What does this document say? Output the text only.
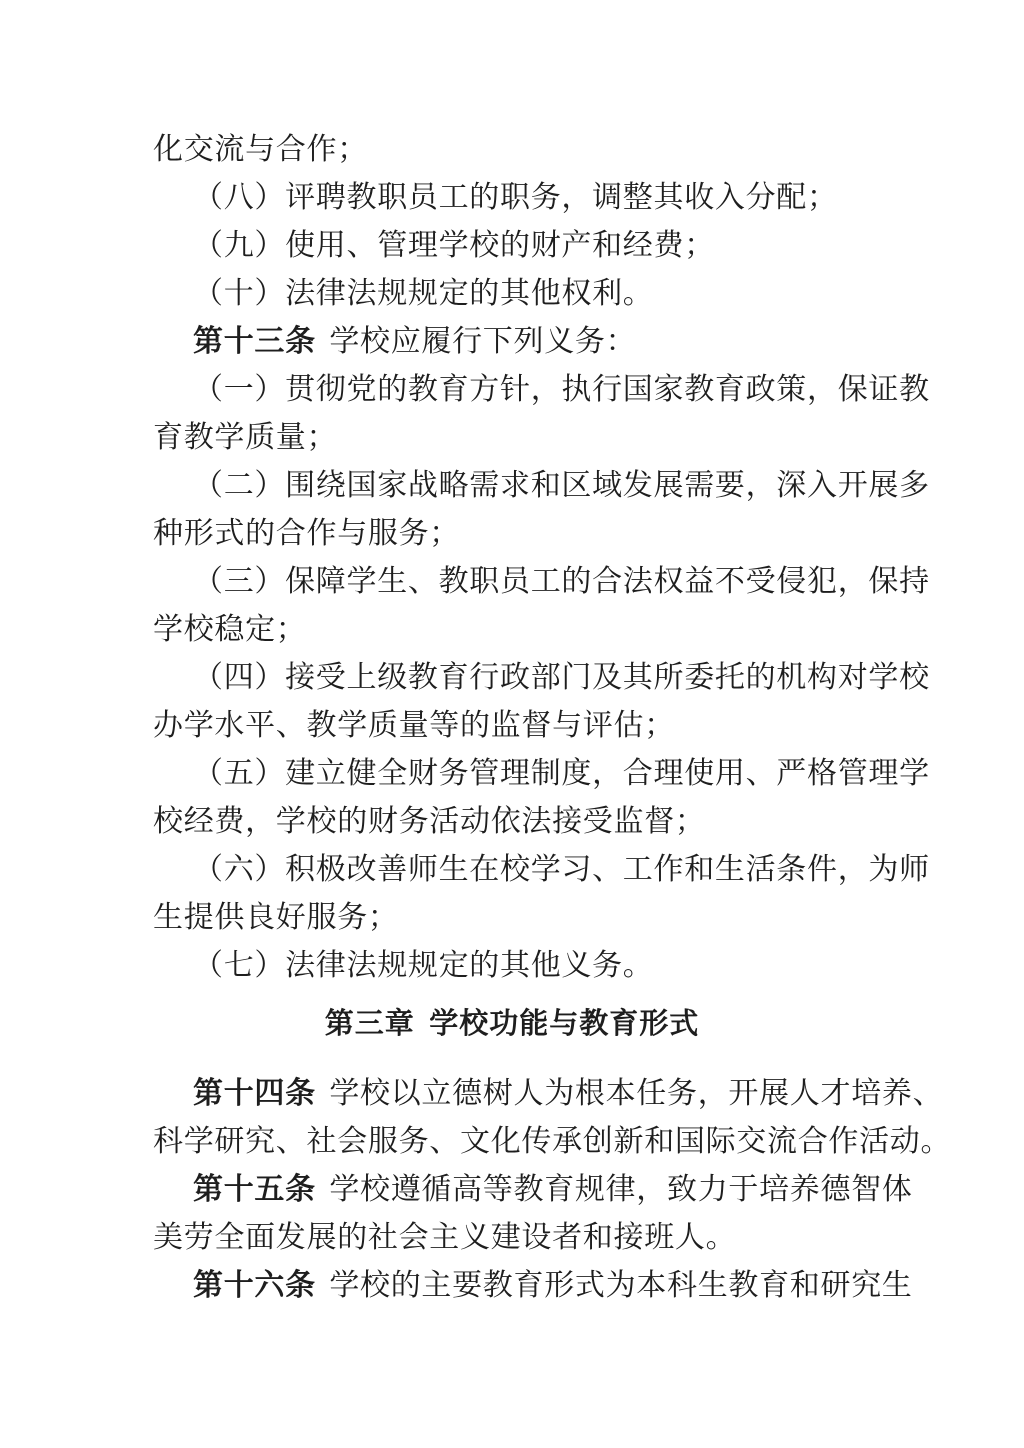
化交流与合作；
（八）评聘教职员工的职务，调整其收入分配；
（九）使用、管理学校的财产和经费；
（十）法律法规规定的其他权利。
第十三条 学校应履行下列义务：
（一）贯彻党的教育方针，执行国家教育政策，保证教
育教学质量；
（二）围绕国家战略需求和区域发展需要，深入开展多
种形式的合作与服务；
（三）保障学生、教职员工的合法权益不受侵犯，保持
学校稳定；
（四）接受上级教育行政部门及其所委托的机构对学校
办学水平、教学质量等的监督与评估；
（五）建立健全财务管理制度，合理使用、严格管理学
校经费，学校的财务活动依法接受监督；
（六）积极改善师生在校学习、工作和生活条件，为师
生提供良好服务；
（七）法律法规规定的其他义务。
第三章 学校功能与教育形式
第十四条 学校以立德树人为根本任务，开展人才培养、
科学研究、社会服务、文化传承创新和国际交流合作活动。
第十五条 学校遵循高等教育规律，致力于培养德智体
美劳全面发展的社会主义建设者和接班人。
第十六条 学校的主要教育形式为本科生教育和研究生
